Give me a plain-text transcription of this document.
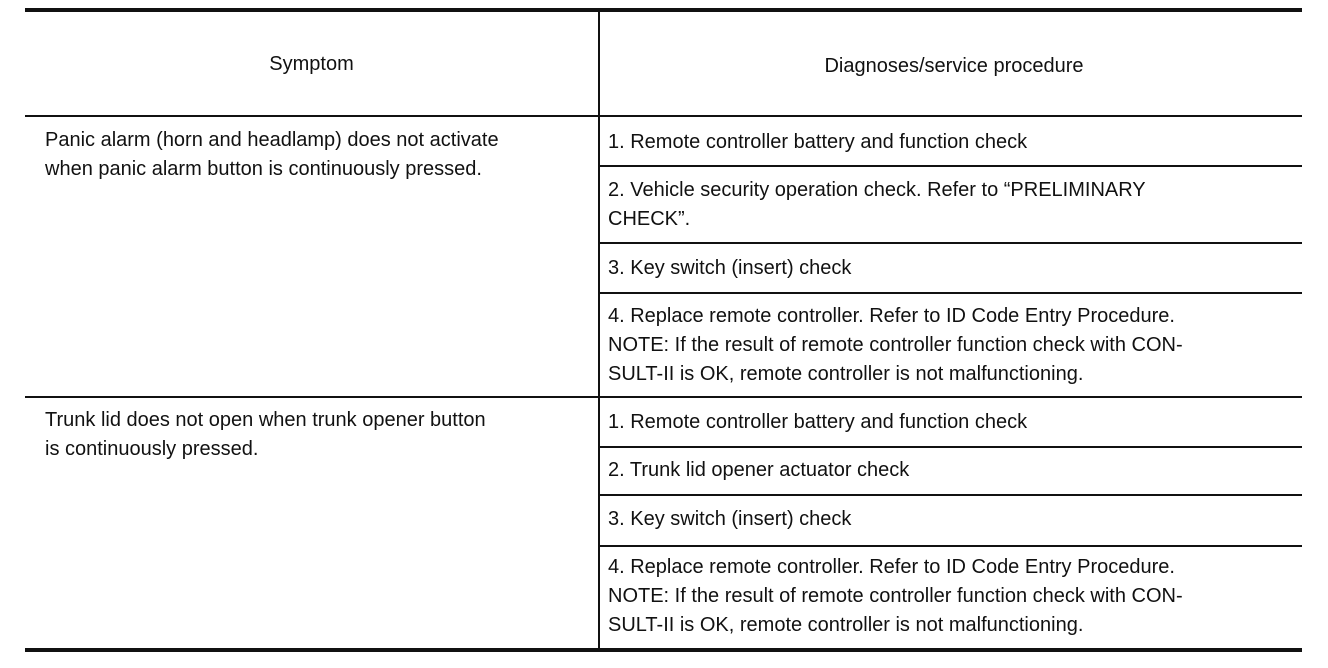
Symptom	Diagnoses/service procedure
Panic alarm (horn and headlamp) does not activate
when panic alarm button is continuously pressed.
1. Remote controller battery and function check
2. Vehicle security operation check. Refer to “PRELIMINARY
CHECK”.
3. Key switch (insert) check
4. Replace remote controller. Refer to ID Code Entry Procedure.
NOTE: If the result of remote controller function check with CON-
SULT-II is OK, remote controller is not malfunctioning.
Trunk lid does not open when trunk opener button
is continuously pressed.
1. Remote controller battery and function check
2. Trunk lid opener actuator check
3. Key switch (insert) check
4. Replace remote controller. Refer to ID Code Entry Procedure.
NOTE: If the result of remote controller function check with CON-
SULT-II is OK, remote controller is not malfunctioning.
